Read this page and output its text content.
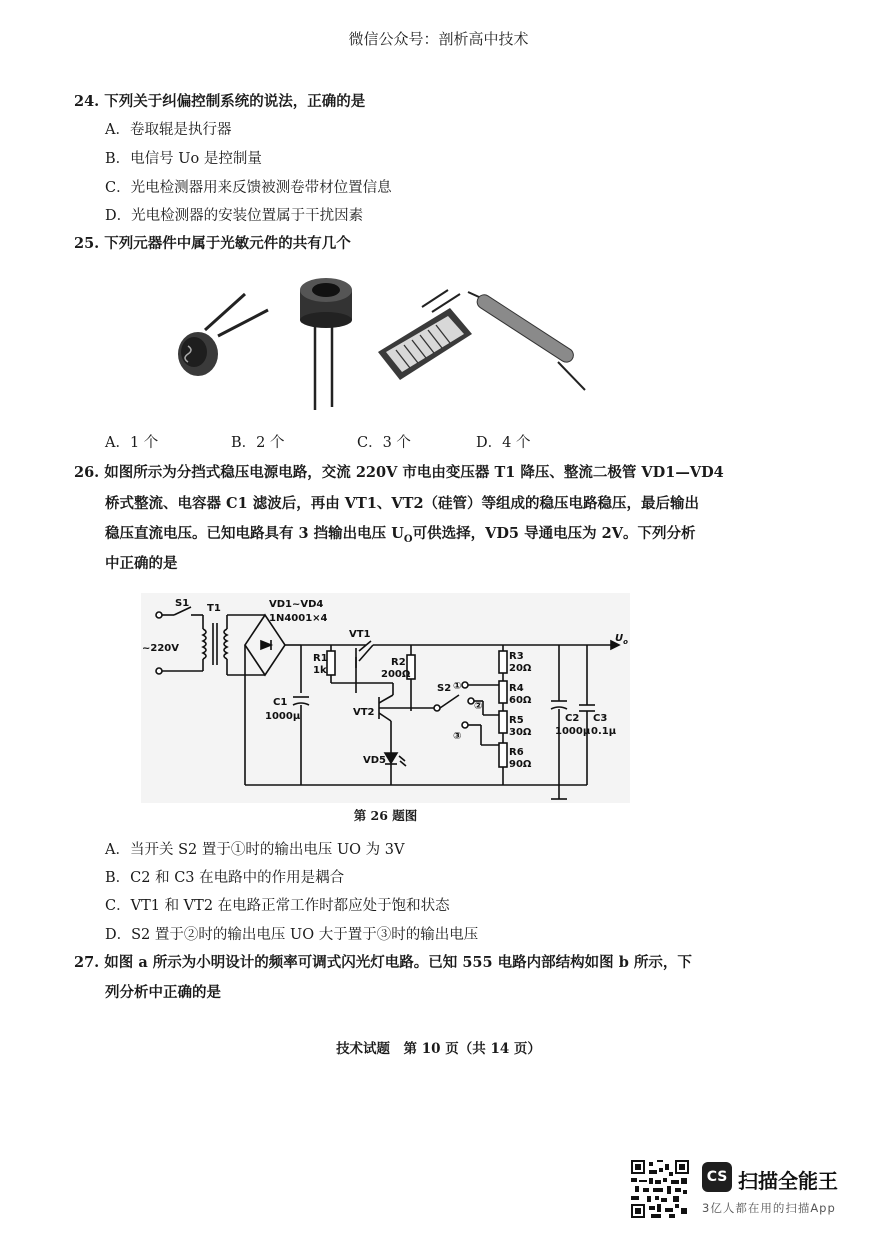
微信公众号：剖析高中技术
24. 下列关于纠偏控制系统的说法，正确的是
A．卷取辊是执行器
B．电信号 Uo 是控制量
C．光电检测器用来反馈被测卷带材位置信息
D．光电检测器的安装位置属于干扰因素
25. 下列元器件中属于光敏元件的共有几个
A．1 个	B．2 个	C．3 个	D．4 个
26. 如图所示为分挡式稳压电源电路，交流 220V 市电由变压器 T1 降压、整流二极管 VD1—VD4
桥式整流、电容器 C1 滤波后，再由 VT1、VT2（硅管）等组成的稳压电路稳压，最后输出
稳压直流电压。已知电路具有 3 挡输出电压 $U_O$可供选择，VD5 导通电压为 2V。下列分析
中正确的是
S1 T1	VD1~VD4
1N4001×4
~220V
R1
1k
VT1
R2
200Ω
C1
1000μ	VT2
VD5
S2 ①
②
③
R3
20Ω
R4
60Ω
R5
30Ω
R6
90Ω
C2
1000μ
C3
0.1μ
$U_o$
第 26 题图
A．当开关 S2 置于①时的输出电压 UO 为 3V
B．C2 和 C3 在电路中的作用是耦合
C．VT1 和 VT2 在电路正常工作时都应处于饱和状态
D．S2 置于②时的输出电压 UO 大于置于③时的输出电压
27. 如图 a 所示为小明设计的频率可调式闪光灯电路。已知 555 电路内部结构如图 b 所示，下
列分析中正确的是
技术试题　第 10 页（共 14 页）
CS 扫描全能王
3亿人都在用的扫描App
